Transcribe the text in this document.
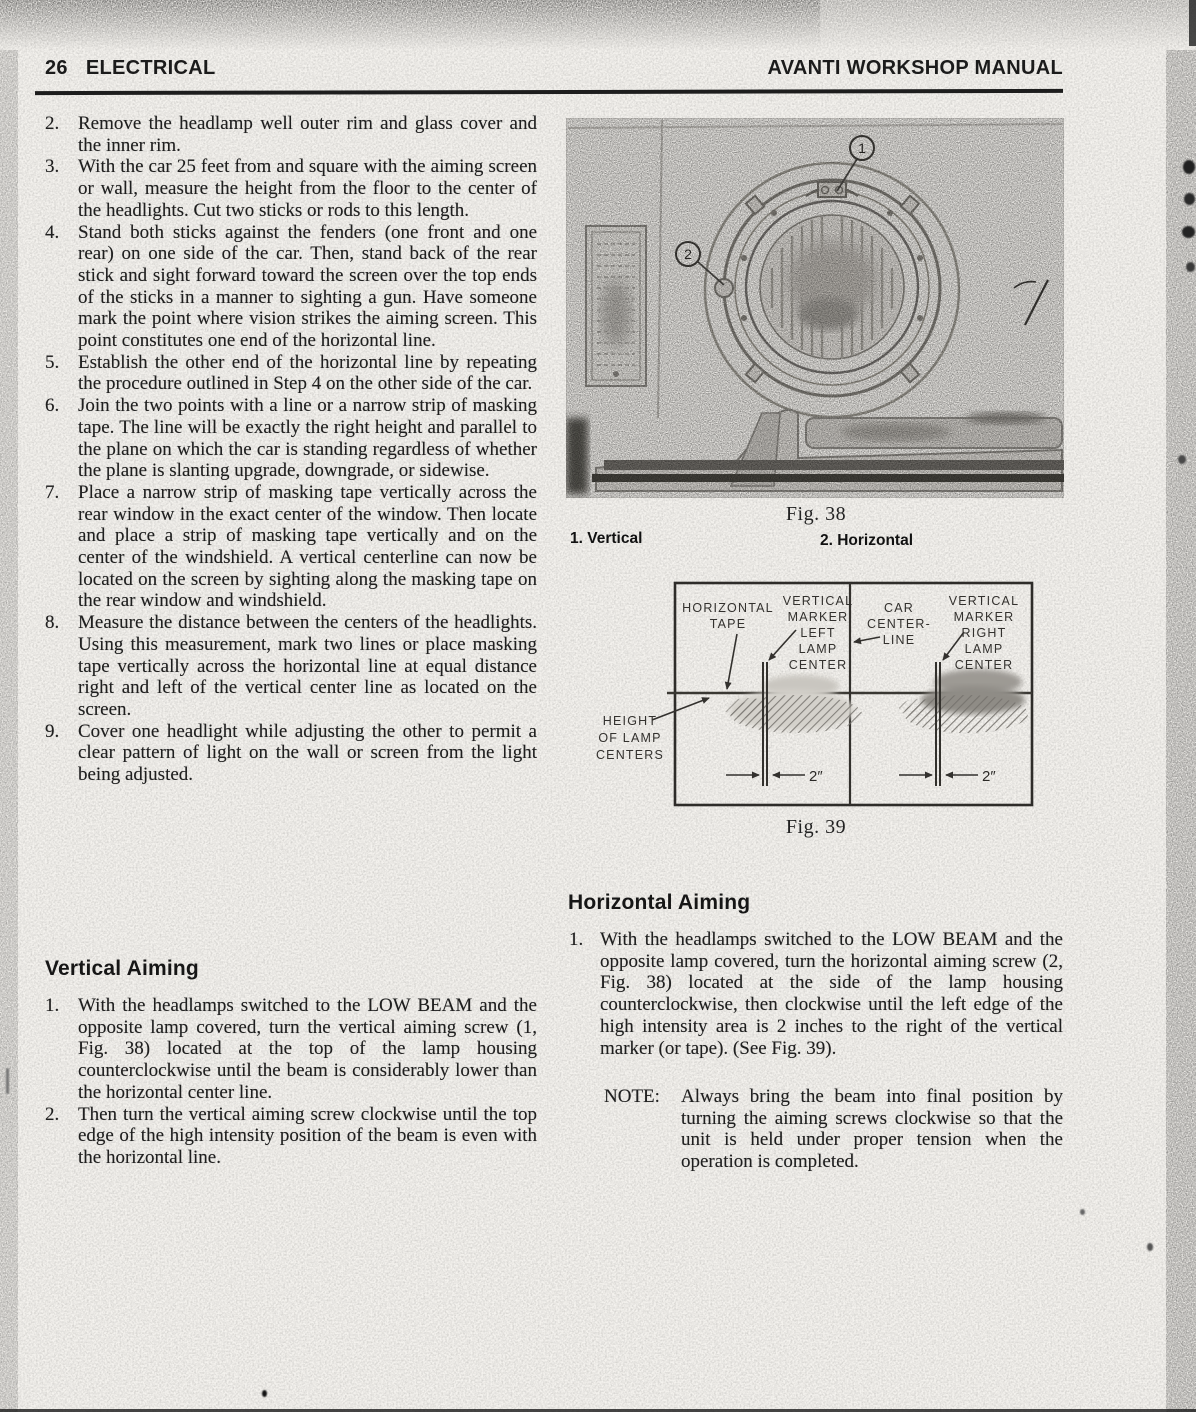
26 ELECTRICAL	AVANTI WORKSHOP MANUAL
2. Remove the headlamp well outer rim and glass cover and the inner rim.
3. With the car 25 feet from and square with the aiming screen or wall, measure the height from the floor to the center of the headlights. Cut two sticks or rods to this length.
4. Stand both sticks against the fenders (one front and one rear) on one side of the car. Then, stand back of the rear stick and sight forward toward the screen over the top ends of the sticks in a manner to sighting a gun. Have someone mark the point where vision strikes the aiming screen. This point constitutes one end of the horizontal line.
5. Establish the other end of the horizontal line by repeating the procedure outlined in Step 4 on the other side of the car.
6. Join the two points with a line or a narrow strip of masking tape. The line will be exactly the right height and parallel to the plane on which the car is standing regardless of whether the plane is slanting upgrade, downgrade, or sidewise.
7. Place a narrow strip of masking tape vertically across the rear window in the exact center of the window. Then locate and place a strip of masking tape vertically and on the center of the windshield. A vertical centerline can now be located on the screen by sighting along the masking tape on the rear window and windshield.
8. Measure the distance between the centers of the headlights. Using this measurement, mark two lines or place masking tape vertically across the horizontal line at equal distance right and left of the vertical center line as located on the screen.
9. Cover one headlight while adjusting the other to permit a clear pattern of light on the wall or screen from the light being adjusted.
Vertical Aiming
1. With the headlamps switched to the LOW BEAM and the opposite lamp covered, turn the vertical aiming screw (1, Fig. 38) located at the top of the lamp housing counterclockwise until the beam is considerably lower than the horizontal center line.
2. Then turn the vertical aiming screw clockwise until the top edge of the high intensity position of the beam is even with the horizontal line.
Fig. 38
1. Vertical	2. Horizontal
HORIZONTAL
TAPE
VERTICAL
MARKER
LEFT
LAMP
CENTER
CAR
CENTER-
LINE
VERTICAL
MARKER
RIGHT
LAMP
CENTER
HEIGHT
OF LAMP
CENTERS
2″	2″
Fig. 39
Horizontal Aiming
1. With the headlamps switched to the LOW BEAM and the opposite lamp covered, turn the horizontal aiming screw (2, Fig. 38) located at the side of the lamp housing counterclockwise, then clockwise until the left edge of the high intensity area is 2 inches to the right of the vertical marker (or tape). (See Fig. 39).
NOTE:	Always bring the beam into final position by turning the aiming screws clockwise so that the unit is held under proper tension when the operation is completed.
